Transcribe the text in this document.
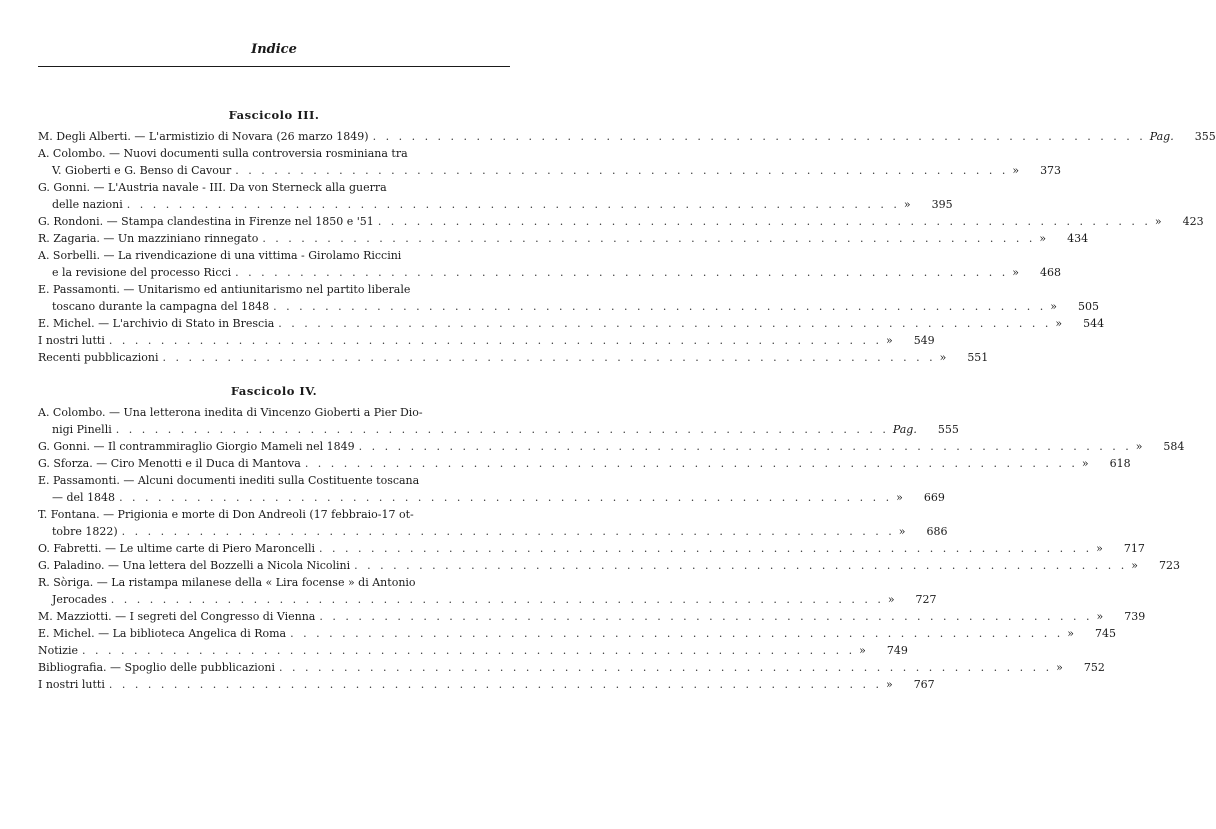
Indice
Fascicolo III.
M. Degli Alberti. — L'armistizio di Novara (26 marzo 1849) . . .	Pag.	355
A. Colombo. — Nuovi documenti sulla controversia rosminiana tra
V. Gioberti e G. Benso di Cavour . . .	»	373
G. Gonni. — L'Austria navale - III. Da von Sterneck alla guerra
delle nazioni . . .	»	395
G. Rondoni. — Stampa clandestina in Firenze nel 1850 e '51 . . .	»	423
R. Zagaria. — Un mazziniano rinnegato . . .	»	434
A. Sorbelli. — La rivendicazione di una vittima - Girolamo Riccini
e la revisione del processo Ricci . . .	»	468
E. Passamonti. — Unitarismo ed antiunitarismo nel partito liberale
toscano durante la campagna del 1848 . . .	»	505
E. Michel. — L'archivio di Stato in Brescia . . .	»	544
I nostri lutti . . .	»	549
Recenti pubblicazioni . . .	»	551
Fascicolo IV.
A. Colombo. — Una letterona inedita di Vincenzo Gioberti a Pier Dio-
nigi Pinelli . . .	Pag.	555
G. Gonni. — Il contrammiraglio Giorgio Mameli nel 1849 . . .	»	584
G. Sforza. — Ciro Menotti e il Duca di Mantova . . .	»	618
E. Passamonti. — Alcuni documenti inediti sulla Costituente toscana
— del 1848 . . .	»	669
T. Fontana. — Prigionia e morte di Don Andreoli (17 febbraio-17 ot-
tobre 1822) . . .	»	686
O. Fabretti. — Le ultime carte di Piero Maroncelli . . .	»	717
G. Paladino. — Una lettera del Bozzelli a Nicola Nicolini . . .	»	723
R. Sòriga. — La ristampa milanese della « Lira focense » di Antonio
Jerocades . . .	»	727
M. Mazziotti. — I segreti del Congresso di Vienna . . .	»	739
E. Michel. — La biblioteca Angelica di Roma . . .	»	745
Notizie . . .	»	749
Bibliografia. — Spoglio delle pubblicazioni . . .	»	752
I nostri lutti . . .	»	767
